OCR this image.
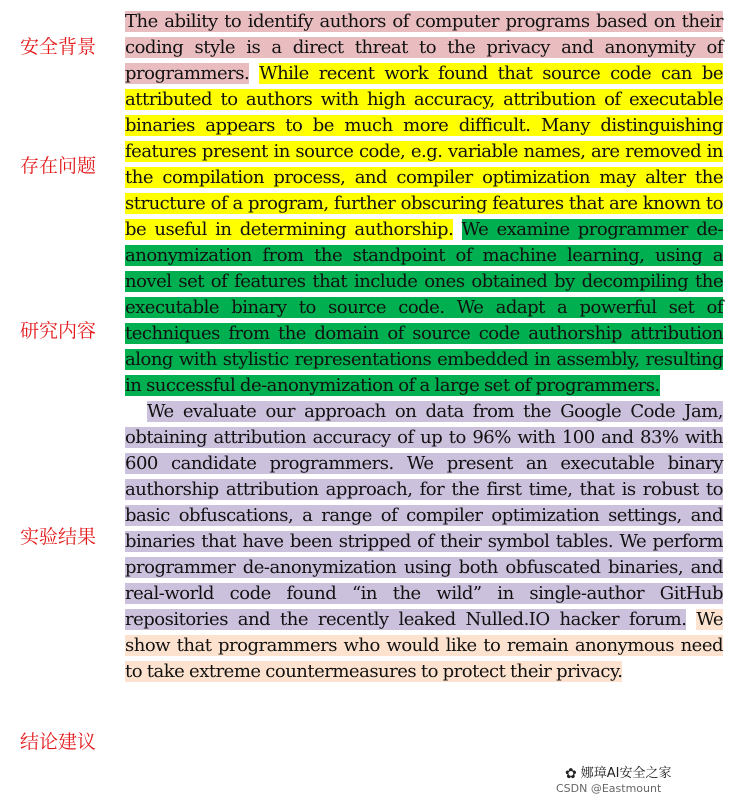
安全背景
存在问题
研究内容
实验结果
结论建议

The ability to identify authors of computer programs based on their coding style is a direct threat to the privacy and anonymity of programmers. While recent work found that source code can be attributed to authors with high accuracy, attribution of executable binaries appears to be much more difficult. Many distinguishing features present in source code, e.g. variable names, are removed in the compilation process, and compiler optimization may alter the structure of a program, further obscuring features that are known to be useful in determining authorship. We examine programmer de-anonymization from the standpoint of machine learning, using a novel set of features that include ones obtained by decompiling the executable binary to source code. We adapt a powerful set of techniques from the domain of source code authorship attribution along with stylistic representations embedded in assembly, resulting in successful de-anonymization of a large set of programmers.

We evaluate our approach on data from the Google Code Jam, obtaining attribution accuracy of up to 96% with 100 and 83% with 600 candidate programmers. We present an executable binary authorship attribution approach, for the first time, that is robust to basic obfuscations, a range of compiler optimization settings, and binaries that have been stripped of their symbol tables. We perform programmer de-anonymization using both obfuscated binaries, and real-world code found “in the wild” in single-author GitHub repositories and the recently leaked Nulled.IO hacker forum. We show that programmers who would like to remain anonymous need to take extreme countermeasures to protect their privacy.

✿ 娜璋AI安全之家
CSDN @Eastmount
